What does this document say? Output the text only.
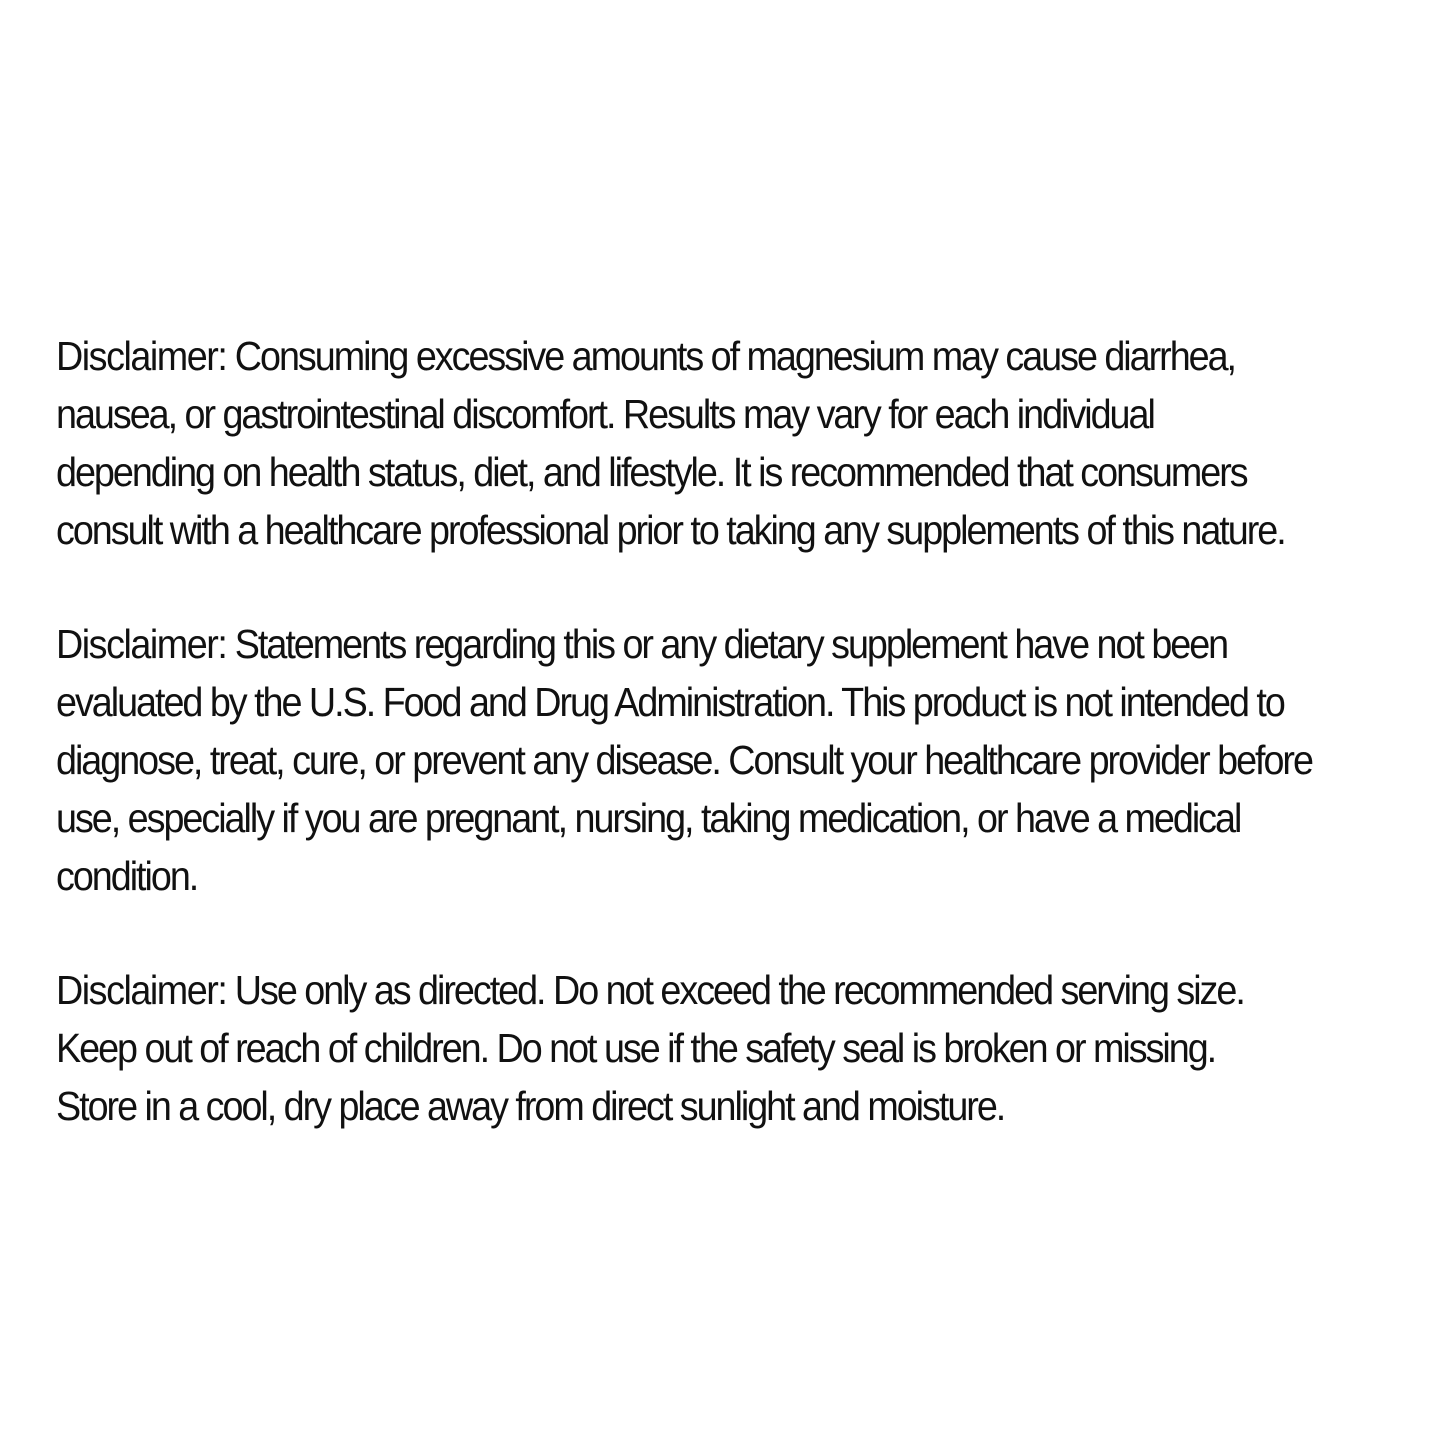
Disclaimer: Consuming excessive amounts of magnesium may cause diarrhea,
nausea, or gastrointestinal discomfort. Results may vary for each individual
depending on health status, diet, and lifestyle. It is recommended that consumers
consult with a healthcare professional prior to taking any supplements of this nature.

Disclaimer: Statements regarding this or any dietary supplement have not been
evaluated by the U.S. Food and Drug Administration. This product is not intended to
diagnose, treat, cure, or prevent any disease. Consult your healthcare provider before
use, especially if you are pregnant, nursing, taking medication, or have a medical
condition.

Disclaimer: Use only as directed. Do not exceed the recommended serving size.
Keep out of reach of children. Do not use if the safety seal is broken or missing.
Store in a cool, dry place away from direct sunlight and moisture.
